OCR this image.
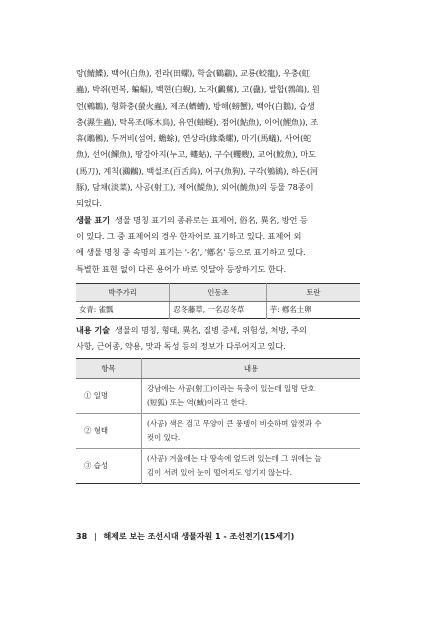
랑(鯖鰈), 백어(白魚), 전라(田螺), 학술(鶴鸘), 교룡(蛟龍), 우충(虹
蟲), 박쥐(편복, 蝙蝠), 백현(白蜆), 노자(鸕鶿), 고(蠱), 발합(鵓鴿), 원
언(鵷鶵), 형화충(螢火蟲), 제조(蠐螬), 방해(螃蟹), 백아(白鵝), 습생
충(濕生蟲), 탁목조(啄木鳥), 유연(蚰蜒), 점어(鮎魚), 이어(鯉魚)), 조
휴(鵰鵂), 두꺼비(섬여, 蟾蜍), 연상라(緣桑螺), 마기(馬蟻), 사어(蛇
魚), 선어(鱓魚), 땅강아지(누고, 螻蛄), 구수(蠼螋), 교어(鮫魚), 마도
(馬刀), 계칙(鸂鶒), 백설조(百舌鳥), 어구(魚狗), 구각(鴝鵒), 하돈(河
豚), 담채(淡菜), 사공(射工), 제어(鯷魚), 외어(鮠魚)의 등물 78종이
되었다.

생물 표기 생물 명칭 표기의 종류로는 표제어, 俗名, 異名, 방언 등
이 있다. 그 중 표제어의 경우 한자어로 표기하고 있다. 표제어 외
에 생물 명칭 중 속명의 표기는 '-名', '鄕名' 등으로 표기하고 있다.
특별한 표현 없이 다른 용어가 바로 잇달아 등장하기도 한다.

박주가리	인동초	토란
女青: 雀瓢	忍冬藤草, 一名忍冬草	芋: 鄕名土卵

내용 기술 생물의 명칭, 형태, 異名, 질병 증세, 위험성, 처방, 주의
사항, 근어종, 약용, 맛과 독성 등의 정보가 다루어지고 있다.

항목	내용
① 일명	강남에는 사공(射工)이라는 독충이 있는데 일명 단호
(短狐) 또는 역(蜮)이라고 한다.

② 형태	(사공) 색은 검고 무양이 큰 풍뎅이 비슷하며 앞껏과 수
컷이 있다.

③ 습성	(사공) 겨울에는 다 땅속에 엎드려 있는데 그 위에는 늘
김이 서려 있어 눈이 떨어져도 엉기지 않는다.
38 | 해제로 보는 조선시대 생물자원 1 - 조선전기(15세기)
